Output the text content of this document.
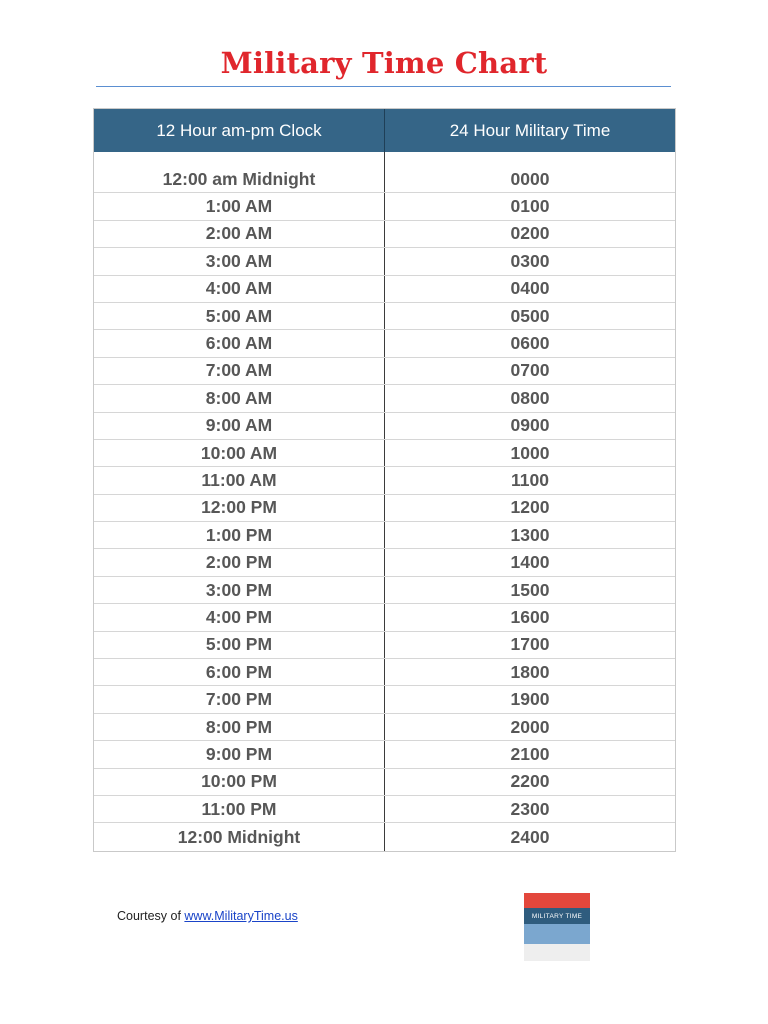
Military Time Chart
12 Hour am-pm Clock	24 Hour Military Time
12:00 am Midnight	0000
1:00 AM	0100
2:00 AM	0200
3:00 AM	0300
4:00 AM	0400
5:00 AM	0500
6:00 AM	0600
7:00 AM	0700
8:00 AM	0800
9:00 AM	0900
10:00 AM	1000
11:00 AM	1100
12:00 PM	1200
1:00 PM	1300
2:00 PM	1400
3:00 PM	1500
4:00 PM	1600
5:00 PM	1700
6:00 PM	1800
7:00 PM	1900
8:00 PM	2000
9:00 PM	2100
10:00 PM	2200
11:00 PM	2300
12:00 Midnight	2400
Courtesy of www.MilitaryTime.us	MILITARY TIME
